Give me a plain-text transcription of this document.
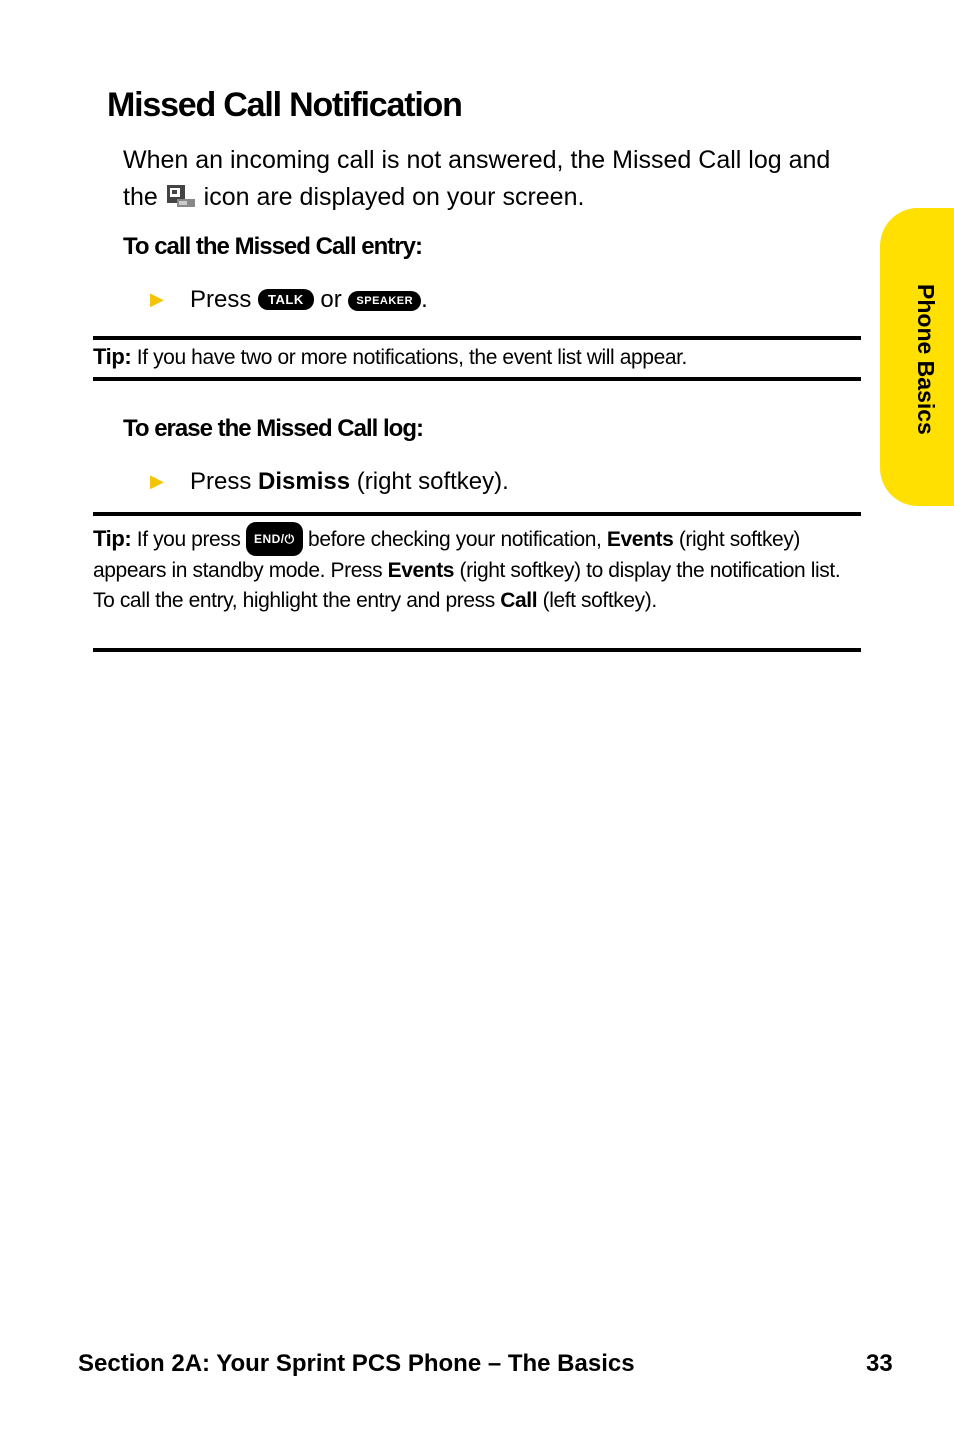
Missed Call Notification
When an incoming call is not answered, the Missed Call log and the  icon are displayed on your screen.
To call the Missed Call entry:
▶ Press TALK or SPEAKER .
Tip: If you have two or more notifications, the event list will appear.
To erase the Missed Call log:
▶ Press Dismiss (right softkey).
Tip: If you press END/⏻ before checking your notification, Events (right softkey) appears in standby mode. Press Events (right softkey) to display the notification list. To call the entry, highlight the entry and press Call (left softkey).
Phone Basics
Section 2A: Your Sprint PCS Phone – The Basics	33
